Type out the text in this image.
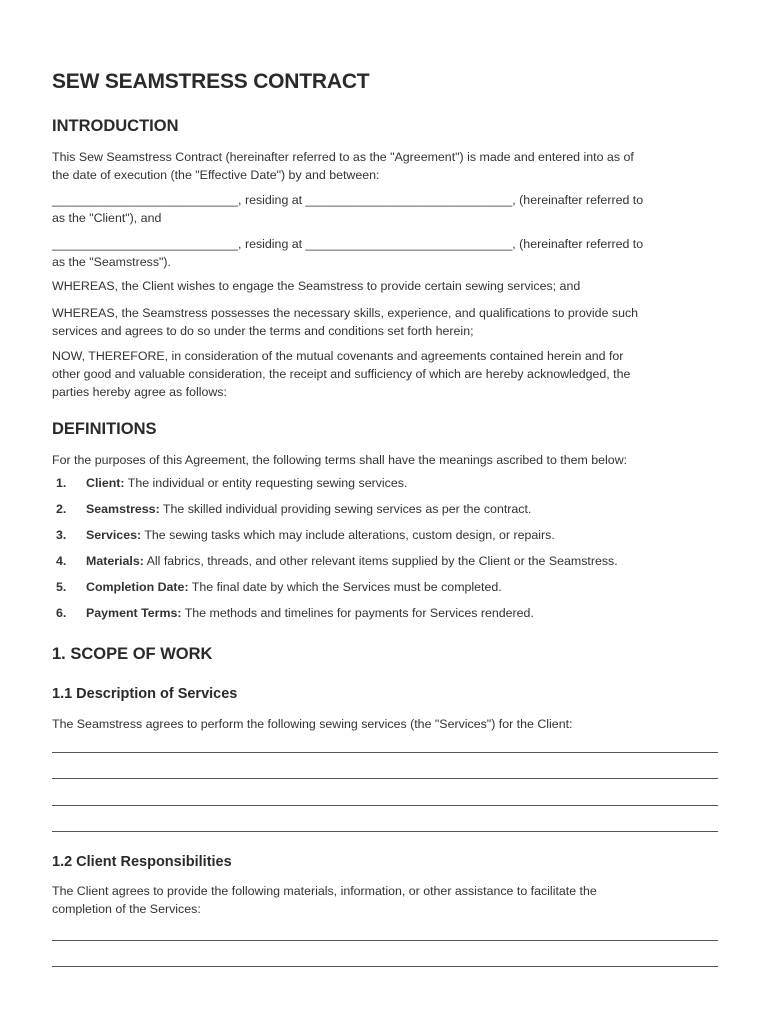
SEW SEAMSTRESS CONTRACT
INTRODUCTION
This Sew Seamstress Contract (hereinafter referred to as the "Agreement") is made and entered into as of
the date of execution (the "Effective Date") by and between:
___________________________, residing at ______________________________, (hereinafter referred to
as the "Client"), and
___________________________, residing at ______________________________, (hereinafter referred to
as the "Seamstress").
WHEREAS, the Client wishes to engage the Seamstress to provide certain sewing services; and
WHEREAS, the Seamstress possesses the necessary skills, experience, and qualifications to provide such
services and agrees to do so under the terms and conditions set forth herein;
NOW, THEREFORE, in consideration of the mutual covenants and agreements contained herein and for
other good and valuable consideration, the receipt and sufficiency of which are hereby acknowledged, the
parties hereby agree as follows:
DEFINITIONS
For the purposes of this Agreement, the following terms shall have the meanings ascribed to them below:
1. Client: The individual or entity requesting sewing services.
2. Seamstress: The skilled individual providing sewing services as per the contract.
3. Services: The sewing tasks which may include alterations, custom design, or repairs.
4. Materials: All fabrics, threads, and other relevant items supplied by the Client or the Seamstress.
5. Completion Date: The final date by which the Services must be completed.
6. Payment Terms: The methods and timelines for payments for Services rendered.
1. SCOPE OF WORK
1.1 Description of Services
The Seamstress agrees to perform the following sewing services (the "Services") for the Client:
1.2 Client Responsibilities
The Client agrees to provide the following materials, information, or other assistance to facilitate the
completion of the Services:
